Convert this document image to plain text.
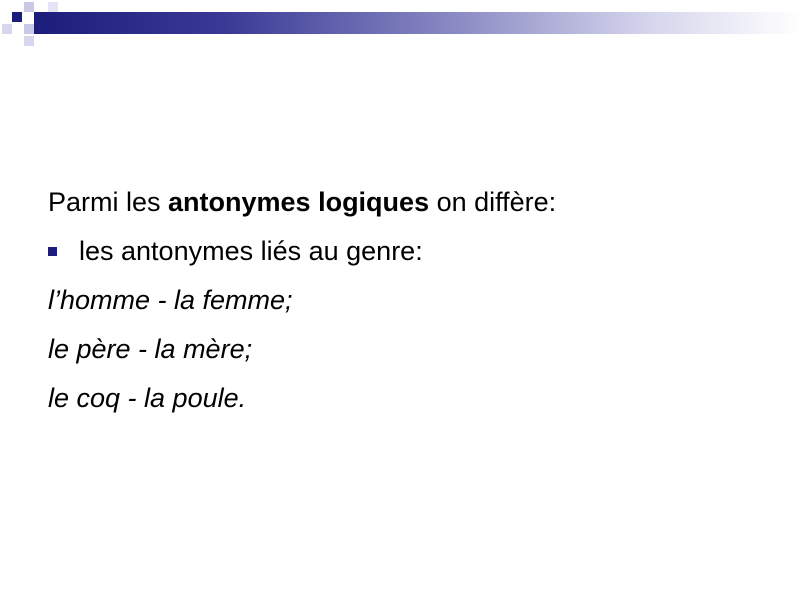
Parmi les antonymes logiques on diffère:
les antonymes liés au genre:
l’homme - la femme;
le père - la mère;
le coq - la poule.
